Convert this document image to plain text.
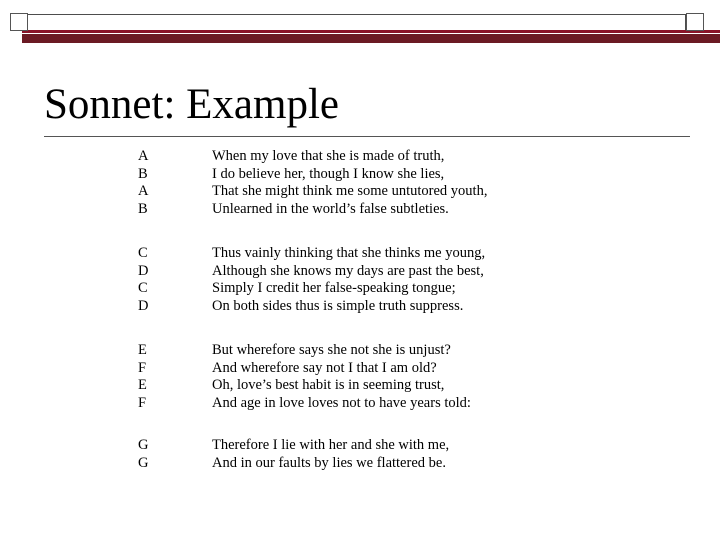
Sonnet: Example
A
B
A
B
When my love that she is made of truth,
I do believe her, though I know she lies,
That she might think me some untutored youth,
Unlearned in the world’s false subtleties.
C
D
C
D
Thus vainly thinking that she thinks me young,
Although she knows my days are past the best,
Simply I credit her false-speaking tongue;
On both sides thus is simple truth suppress.
E
F
E
F
But wherefore says she not she is unjust?
And wherefore say not I that I am old?
Oh, love’s best habit is in seeming trust,
And age in love loves not to have years told:
G
G
Therefore I lie with her and she with me,
And in our faults by lies we flattered be.
